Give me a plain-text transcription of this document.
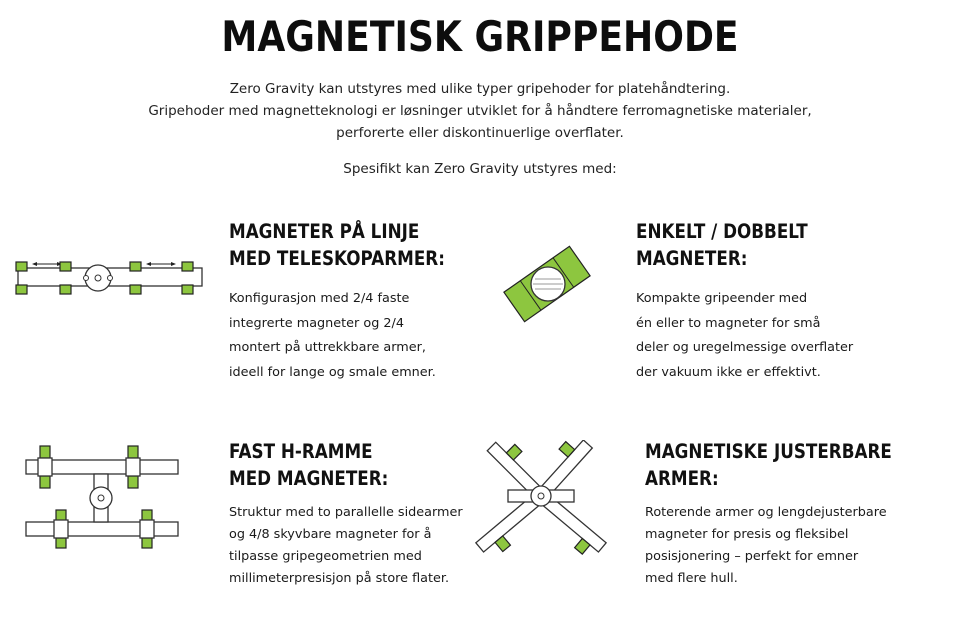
MAGNETISK GRIPPEHODE

Zero Gravity kan utstyres med ulike typer gripehoder for platehåndtering.

Gripehoder med magnetteknologi er løsninger utviklet for å håndtere ferromagnetiske materialer,

perforerte eller diskontinuerlige overflater.

Spesifikt kan Zero Gravity utstyres med:

MAGNETER PÅ LINJE
MED TELESKOPARMER:
Konfigurasjon med 2/4 faste
integrerte magneter og 2/4
montert på uttrekkbare armer,
ideell for lange og smale emner.
ENKELT / DOBBELT
MAGNETER:
Kompakte gripeender med
én eller to magneter for små
deler og uregelmessige overflater
der vakuum ikke er effektivt.
FAST H-RAMME
MED MAGNETER:
Struktur med to parallelle sidearmer
og 4/8 skyvbare magneter for å
tilpasse gripegeometrien med
millimeterpresisjon på store flater.
MAGNETISKE JUSTERBARE
ARMER:
Roterende armer og lengdejusterbare
magneter for presis og fleksibel
posisjonering – perfekt for emner
med flere hull.
